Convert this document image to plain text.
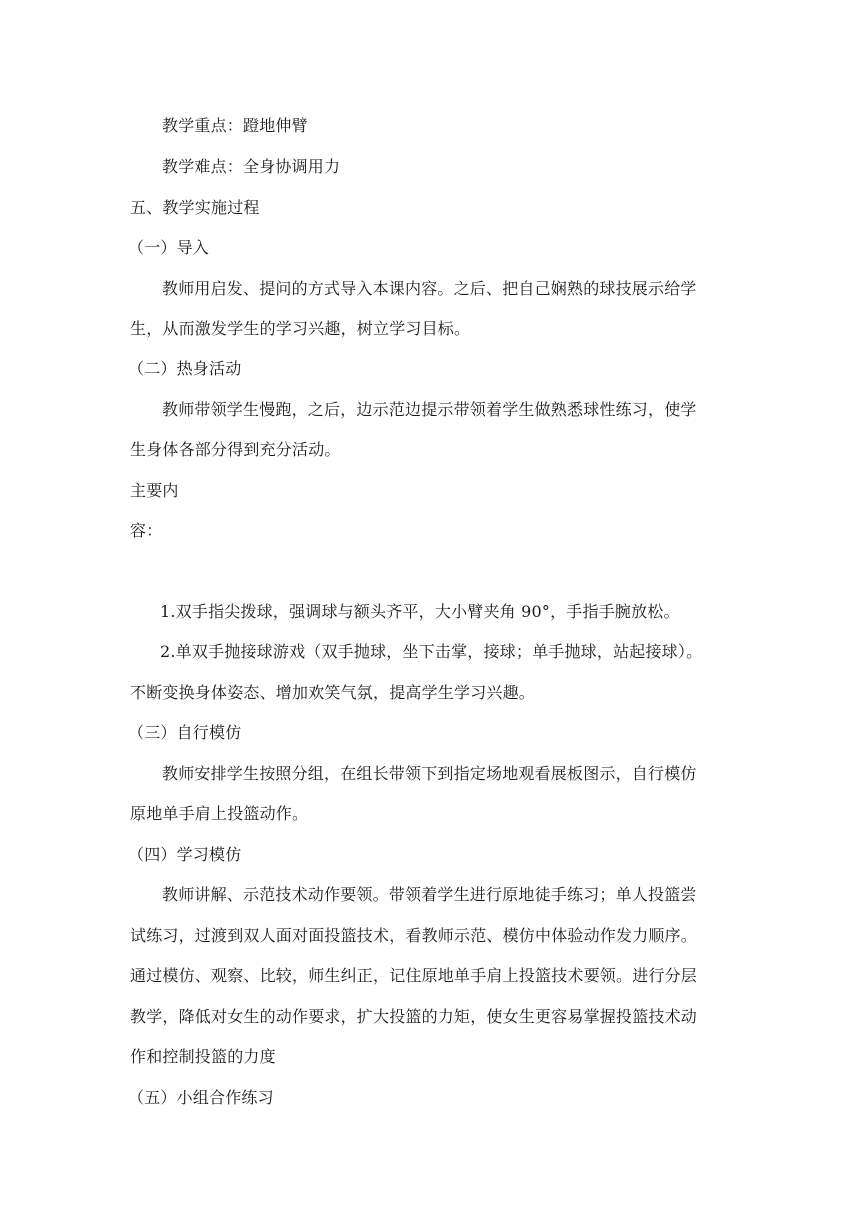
教学重点：蹬地伸臂
教学难点：全身协调用力
五、教学实施过程
（一）导入
教师用启发、提问的方式导入本课内容。之后、把自己娴熟的球技展示给学
生，从而激发学生的学习兴趣，树立学习目标。
（二）热身活动
教师带领学生慢跑，之后，边示范边提示带领着学生做熟悉球性练习，使学
生身体各部分得到充分活动。
主要内
容：
1.双手指尖拨球，强调球与额头齐平，大小臂夹角 90°，手指手腕放松。
2.单双手抛接球游戏（双手抛球，坐下击掌，接球；单手抛球，站起接球）。
不断变换身体姿态、增加欢笑气氛，提高学生学习兴趣。
（三）自行模仿
教师安排学生按照分组，在组长带领下到指定场地观看展板图示，自行模仿
原地单手肩上投篮动作。
（四）学习模仿
教师讲解、示范技术动作要领。带领着学生进行原地徒手练习；单人投篮尝
试练习，过渡到双人面对面投篮技术，看教师示范、模仿中体验动作发力顺序。
通过模仿、观察、比较，师生纠正，记住原地单手肩上投篮技术要领。进行分层
教学，降低对女生的动作要求，扩大投篮的力矩，使女生更容易掌握投篮技术动
作和控制投篮的力度
（五）小组合作练习
